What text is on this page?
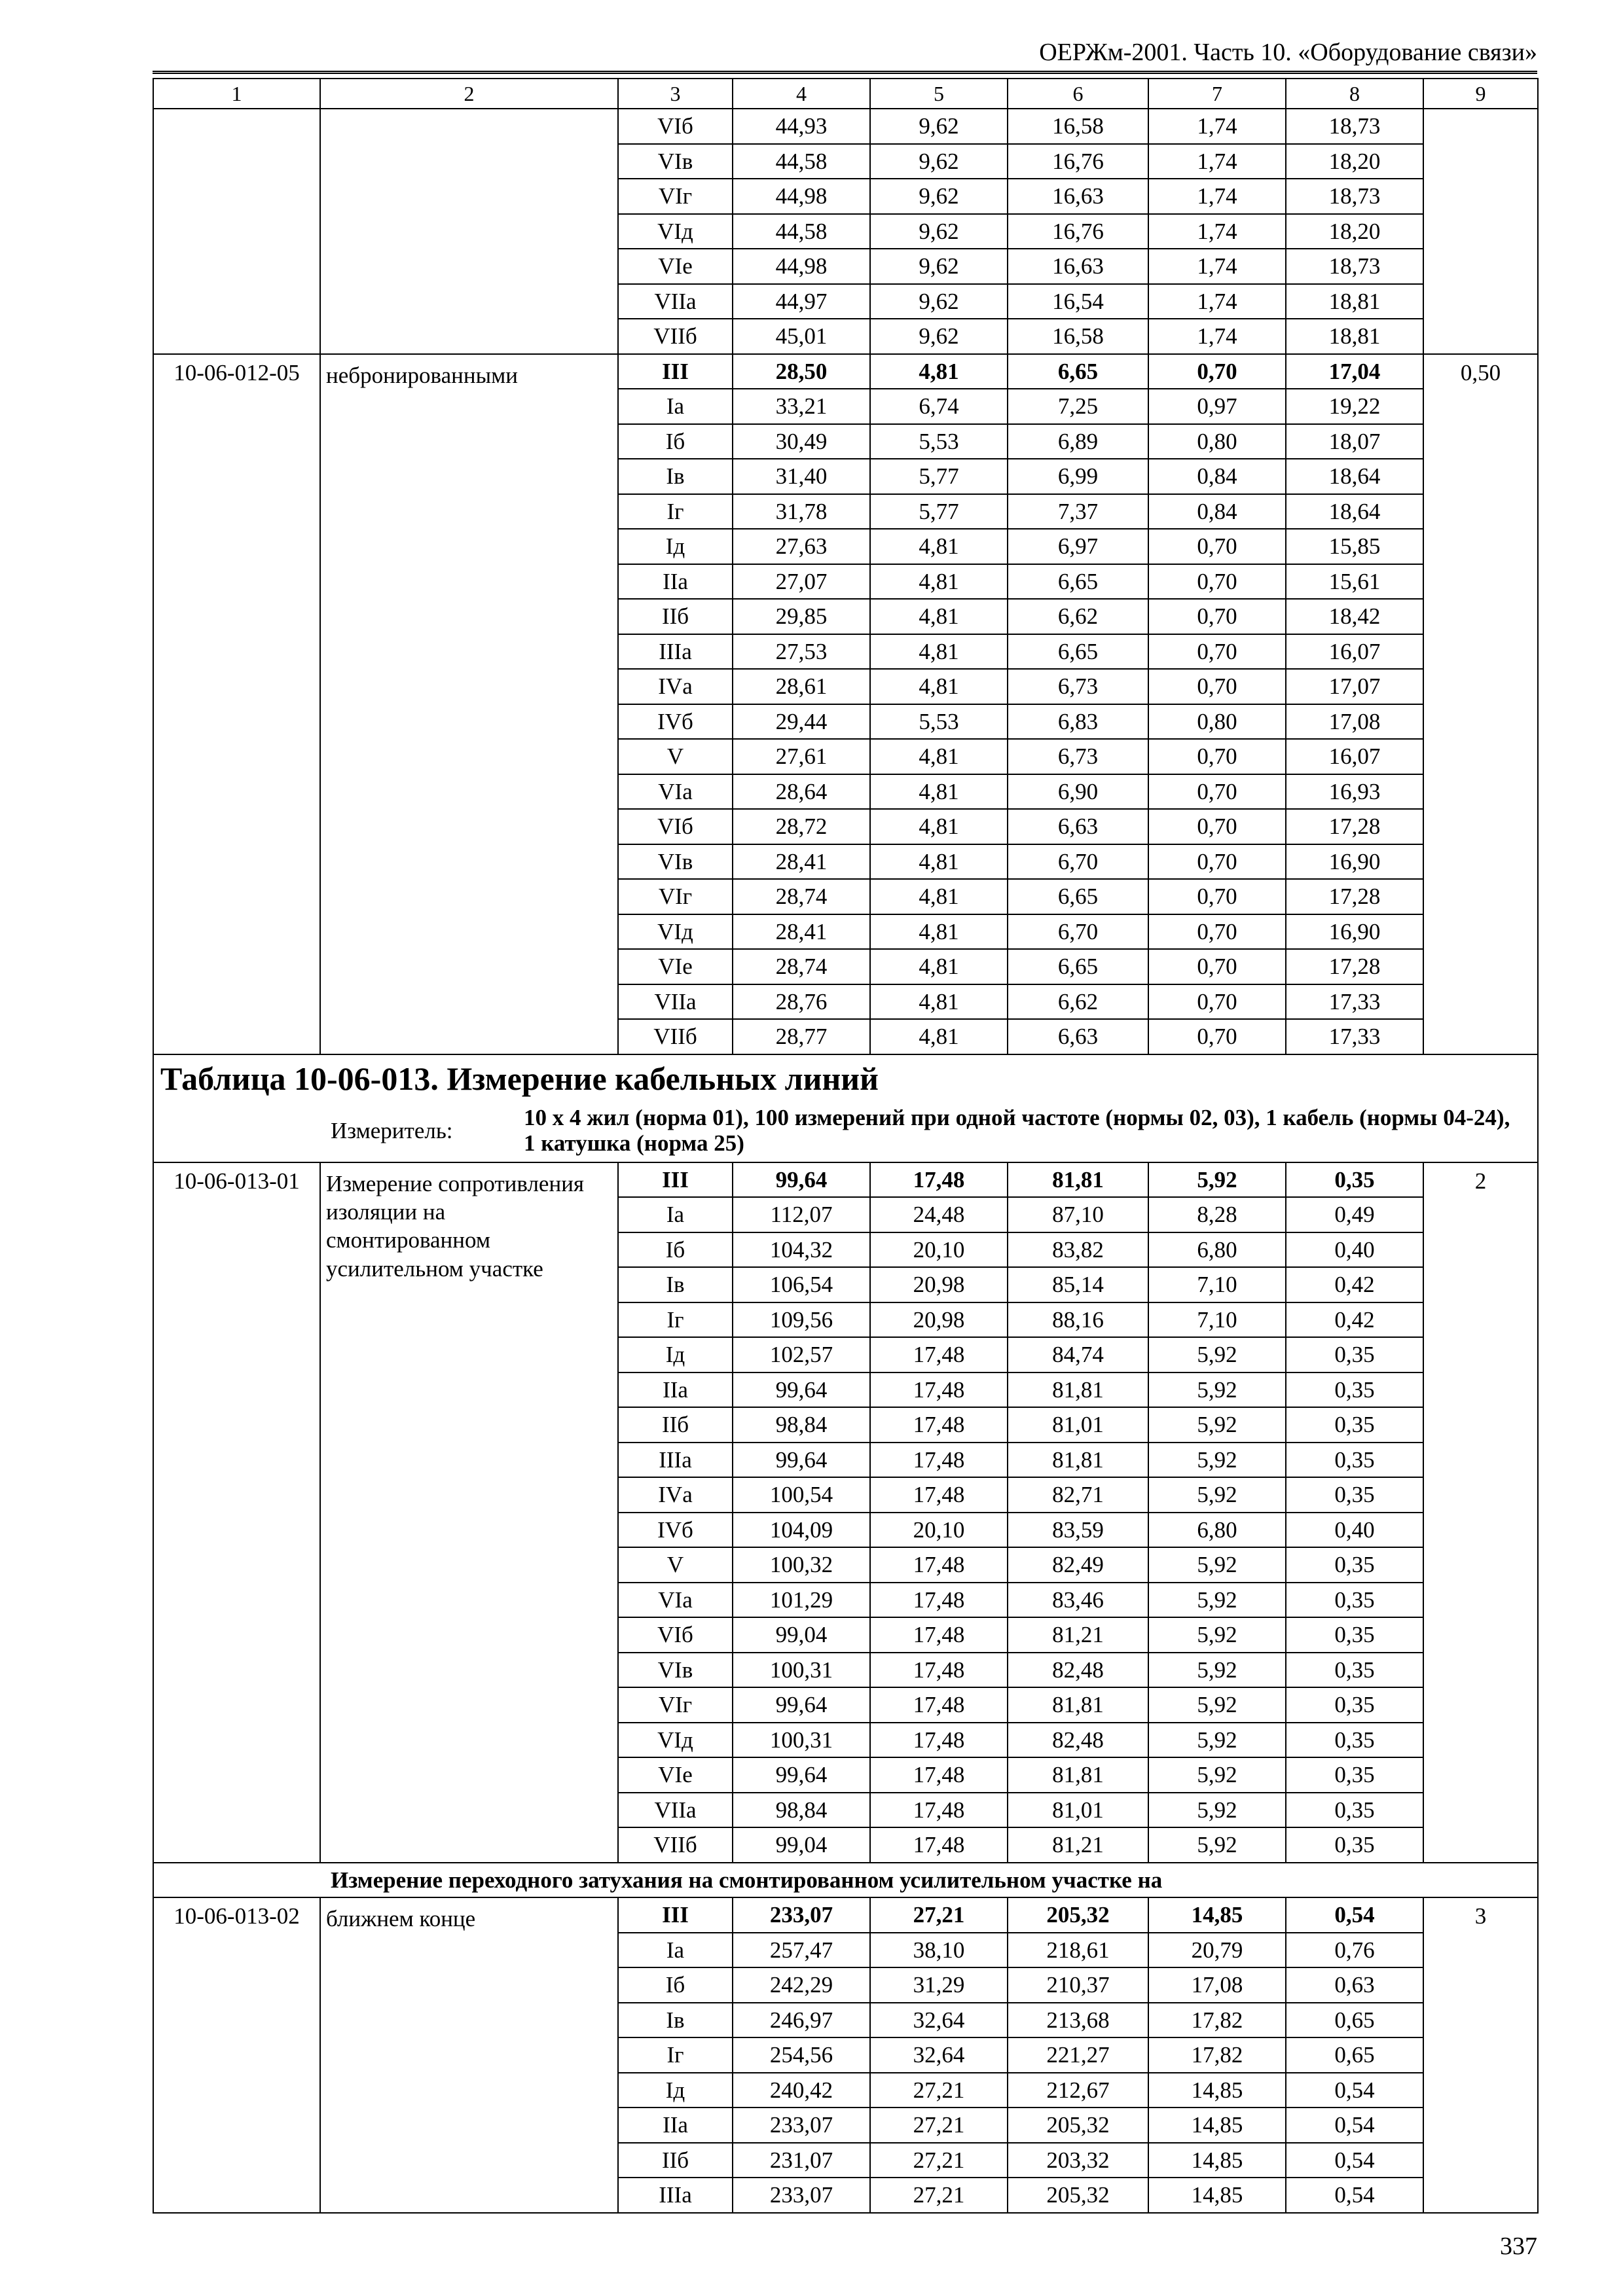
ОЕРЖм-2001. Часть 10. «Оборудование связи»
1	2	3	4	5	6	7	8	9
		VIб	44,93	9,62	16,58	1,74	18,73	
		VIв	44,58	9,62	16,76	1,74	18,20	
		VIг	44,98	9,62	16,63	1,74	18,73	
		VIд	44,58	9,62	16,76	1,74	18,20	
		VIе	44,98	9,62	16,63	1,74	18,73	
		VIIа	44,97	9,62	16,54	1,74	18,81	
		VIIб	45,01	9,62	16,58	1,74	18,81	
10-06-012-05	небронированными	III	28,50	4,81	6,65	0,70	17,04	0,50
		Iа	33,21	6,74	7,25	0,97	19,22	
		Iб	30,49	5,53	6,89	0,80	18,07	
		Iв	31,40	5,77	6,99	0,84	18,64	
		Iг	31,78	5,77	7,37	0,84	18,64	
		Iд	27,63	4,81	6,97	0,70	15,85	
		IIа	27,07	4,81	6,65	0,70	15,61	
		IIб	29,85	4,81	6,62	0,70	18,42	
		IIIа	27,53	4,81	6,65	0,70	16,07	
		IVа	28,61	4,81	6,73	0,70	17,07	
		IVб	29,44	5,53	6,83	0,80	17,08	
		V	27,61	4,81	6,73	0,70	16,07	
		VIа	28,64	4,81	6,90	0,70	16,93	
		VIб	28,72	4,81	6,63	0,70	17,28	
		VIв	28,41	4,81	6,70	0,70	16,90	
		VIг	28,74	4,81	6,65	0,70	17,28	
		VIд	28,41	4,81	6,70	0,70	16,90	
		VIе	28,74	4,81	6,65	0,70	17,28	
		VIIа	28,76	4,81	6,62	0,70	17,33	
		VIIб	28,77	4,81	6,63	0,70	17,33	
Таблица 10-06-013. Измерение кабельных линий								

Измеритель:
10 х 4 жил (норма 01), 100 измерений при одной частоте (нормы 02, 03), 1 кабель (нормы 04-24), 1 катушка (норма 25)								

10-06-013-01	Измерение сопротивления изоляции на смонтированном усилительном участке	III	99,64	17,48	81,81	5,92	0,35	2
		Iа	112,07	24,48	87,10	8,28	0,49	
		Iб	104,32	20,10	83,82	6,80	0,40	
		Iв	106,54	20,98	85,14	7,10	0,42	
		Iг	109,56	20,98	88,16	7,10	0,42	
		Iд	102,57	17,48	84,74	5,92	0,35	
		IIа	99,64	17,48	81,81	5,92	0,35	
		IIб	98,84	17,48	81,01	5,92	0,35	
		IIIа	99,64	17,48	81,81	5,92	0,35	
		IVа	100,54	17,48	82,71	5,92	0,35	
		IVб	104,09	20,10	83,59	6,80	0,40	
		V	100,32	17,48	82,49	5,92	0,35	
		VIа	101,29	17,48	83,46	5,92	0,35	
		VIб	99,04	17,48	81,21	5,92	0,35	
		VIв	100,31	17,48	82,48	5,92	0,35	
		VIг	99,64	17,48	81,81	5,92	0,35	
		VIд	100,31	17,48	82,48	5,92	0,35	
		VIе	99,64	17,48	81,81	5,92	0,35	
		VIIа	98,84	17,48	81,01	5,92	0,35	
		VIIб	99,04	17,48	81,21	5,92	0,35	
Измерение переходного затухания на смонтированном усилительном участке на								
10-06-013-02	ближнем конце	III	233,07	27,21	205,32	14,85	0,54	3
		Iа	257,47	38,10	218,61	20,79	0,76	
		Iб	242,29	31,29	210,37	17,08	0,63	
		Iв	246,97	32,64	213,68	17,82	0,65	
		Iг	254,56	32,64	221,27	17,82	0,65	
		Iд	240,42	27,21	212,67	14,85	0,54	
		IIа	233,07	27,21	205,32	14,85	0,54	
		IIб	231,07	27,21	203,32	14,85	0,54	
		IIIа	233,07	27,21	205,32	14,85	0,54	
337
